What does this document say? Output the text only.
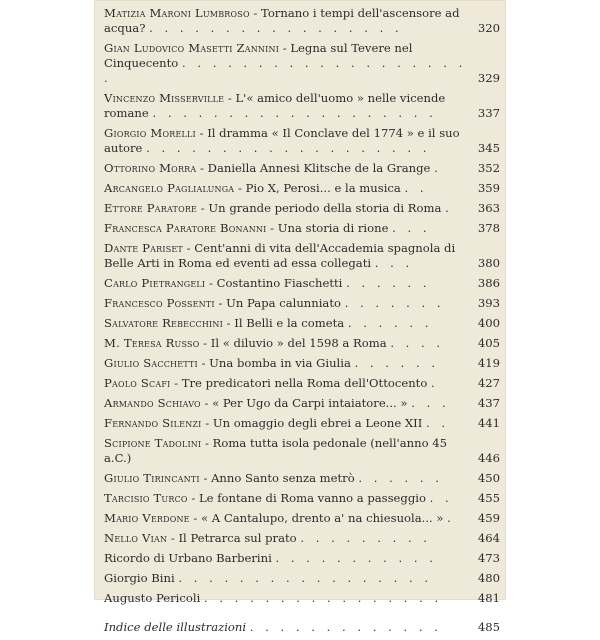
Matizia Maroni Lumbroso - Tornano i tempi dell'ascensore ad acqua? . . . . . . . . . . . . . . . . .	320
Gian Ludovico Masetti Zannini - Legna sul Tevere nel Cinquecento . . . . . . . . . . . . . . . . . . . .	329
Vincenzo Misserville - L'« amico dell'uomo » nelle vicende romane . . . . . . . . . . . . . . . . . . .	337
Giorgio Morelli - Il dramma « Il Conclave del 1774 » e il suo autore . . . . . . . . . . . . . . . . . . .	345
Ottorino Morra - Daniella Annesi Klitsche de la Grange .	352
Arcangelo Paglialunga - Pio X, Perosi... e la musica . .	359
Ettore Paratore - Un grande periodo della storia di Roma .	363
Francesca Paratore Bonanni - Una storia di rione . . .	378
Dante Pariset - Cent'anni di vita dell'Accademia spagnola di Belle Arti in Roma ed eventi ad essa collegati . . .	380
Carlo Pietrangeli - Costantino Fiaschetti . . . . . .	386
Francesco Possenti - Un Papa calunniato . . . . . . .	393
Salvatore Rebecchini - Il Belli e la cometa . . . . . .	400
M. Teresa Russo - Il « diluvio » del 1598 a Roma . . . .	405
Giulio Sacchetti - Una bomba in via Giulia . . . . . .	419
Paolo Scafi - Tre predicatori nella Roma dell'Ottocento .	427
Armando Schiavo - « Per Ugo da Carpi intaiatore... » . . .	437
Fernando Silenzi - Un omaggio degli ebrei a Leone XII . .	441
Scipione Tadolini - Roma tutta isola pedonale (nell'anno 45 a.C.)	446
Giulio Tirincanti - Anno Santo senza metrò . . . . . .	450
Tarcisio Turco - Le fontane di Roma vanno a passeggio . .	455
Mario Verdone - « A Cantalupo, drento a' na chiesuola... » .	459
Nello Vian - Il Petrarca sul prato . . . . . . . . .	464
Ricordo di Urbano Barberini . . . . . . . . . . .	473
Giorgio Bini . . . . . . . . . . . . . . . . .	480
Augusto Pericoli . . . . . . . . . . . . . . . .	481
Indice delle illustrazioni . . . . . . . . . . . . .	485
